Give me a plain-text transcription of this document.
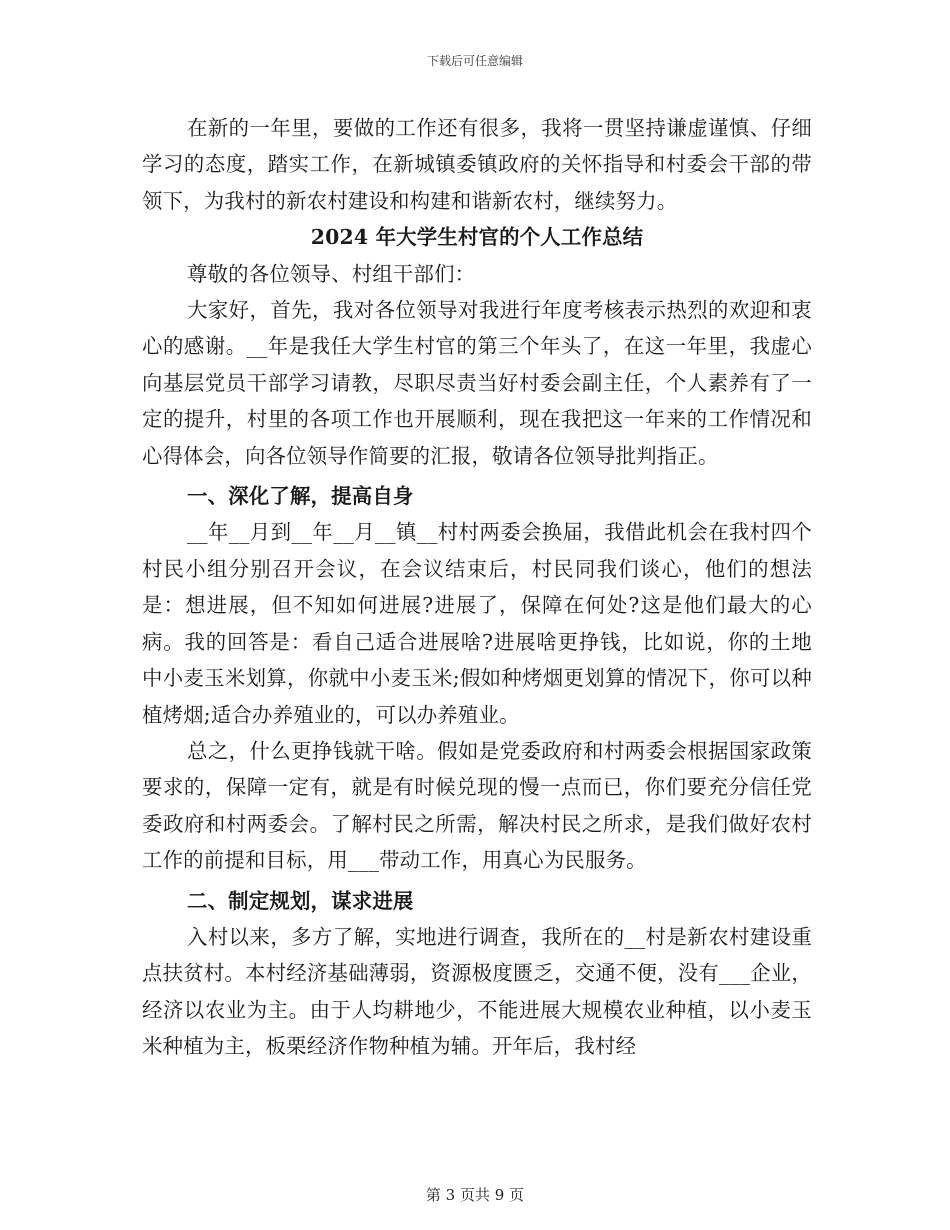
下载后可任意编辑

在新的一年里，要做的工作还有很多，我将一贯坚持谦虚谨慎、仔细学习的态度，踏实工作，在新城镇委镇政府的关怀指导和村委会干部的带领下，为我村的新农村建设和构建和谐新农村，继续努力。

2024 年大学生村官的个人工作总结

尊敬的各位领导、村组干部们：

大家好，首先，我对各位领导对我进行年度考核表示热烈的欢迎和衷心的感谢。__年是我任大学生村官的第三个年头了，在这一年里，我虚心向基层党员干部学习请教，尽职尽责当好村委会副主任，个人素养有了一定的提升，村里的各项工作也开展顺利，现在我把这一年来的工作情况和心得体会，向各位领导作简要的汇报，敬请各位领导批判指正。

一、深化了解，提高自身

__年__月到__年__月__镇__村村两委会换届，我借此机会在我村四个村民小组分别召开会议，在会议结束后，村民同我们谈心，他们的想法是：想进展，但不知如何进展?进展了，保障在何处?这是他们最大的心病。我的回答是：看自己适合进展啥?进展啥更挣钱，比如说，你的土地中小麦玉米划算，你就中小麦玉米;假如种烤烟更划算的情况下，你可以种植烤烟;适合办养殖业的，可以办养殖业。

总之，什么更挣钱就干啥。假如是党委政府和村两委会根据国家政策要求的，保障一定有，就是有时候兑现的慢一点而已，你们要充分信任党委政府和村两委会。了解村民之所需，解决村民之所求，是我们做好农村工作的前提和目标，用___带动工作，用真心为民服务。

二、制定规划，谋求进展

入村以来，多方了解，实地进行调查，我所在的__村是新农村建设重点扶贫村。本村经济基础薄弱，资源极度匮乏，交通不便，没有___企业，经济以农业为主。由于人均耕地少，不能进展大规模农业种植，以小麦玉米种植为主，板栗经济作物种植为辅。开年后，我村经

第 3 页共 9 页
